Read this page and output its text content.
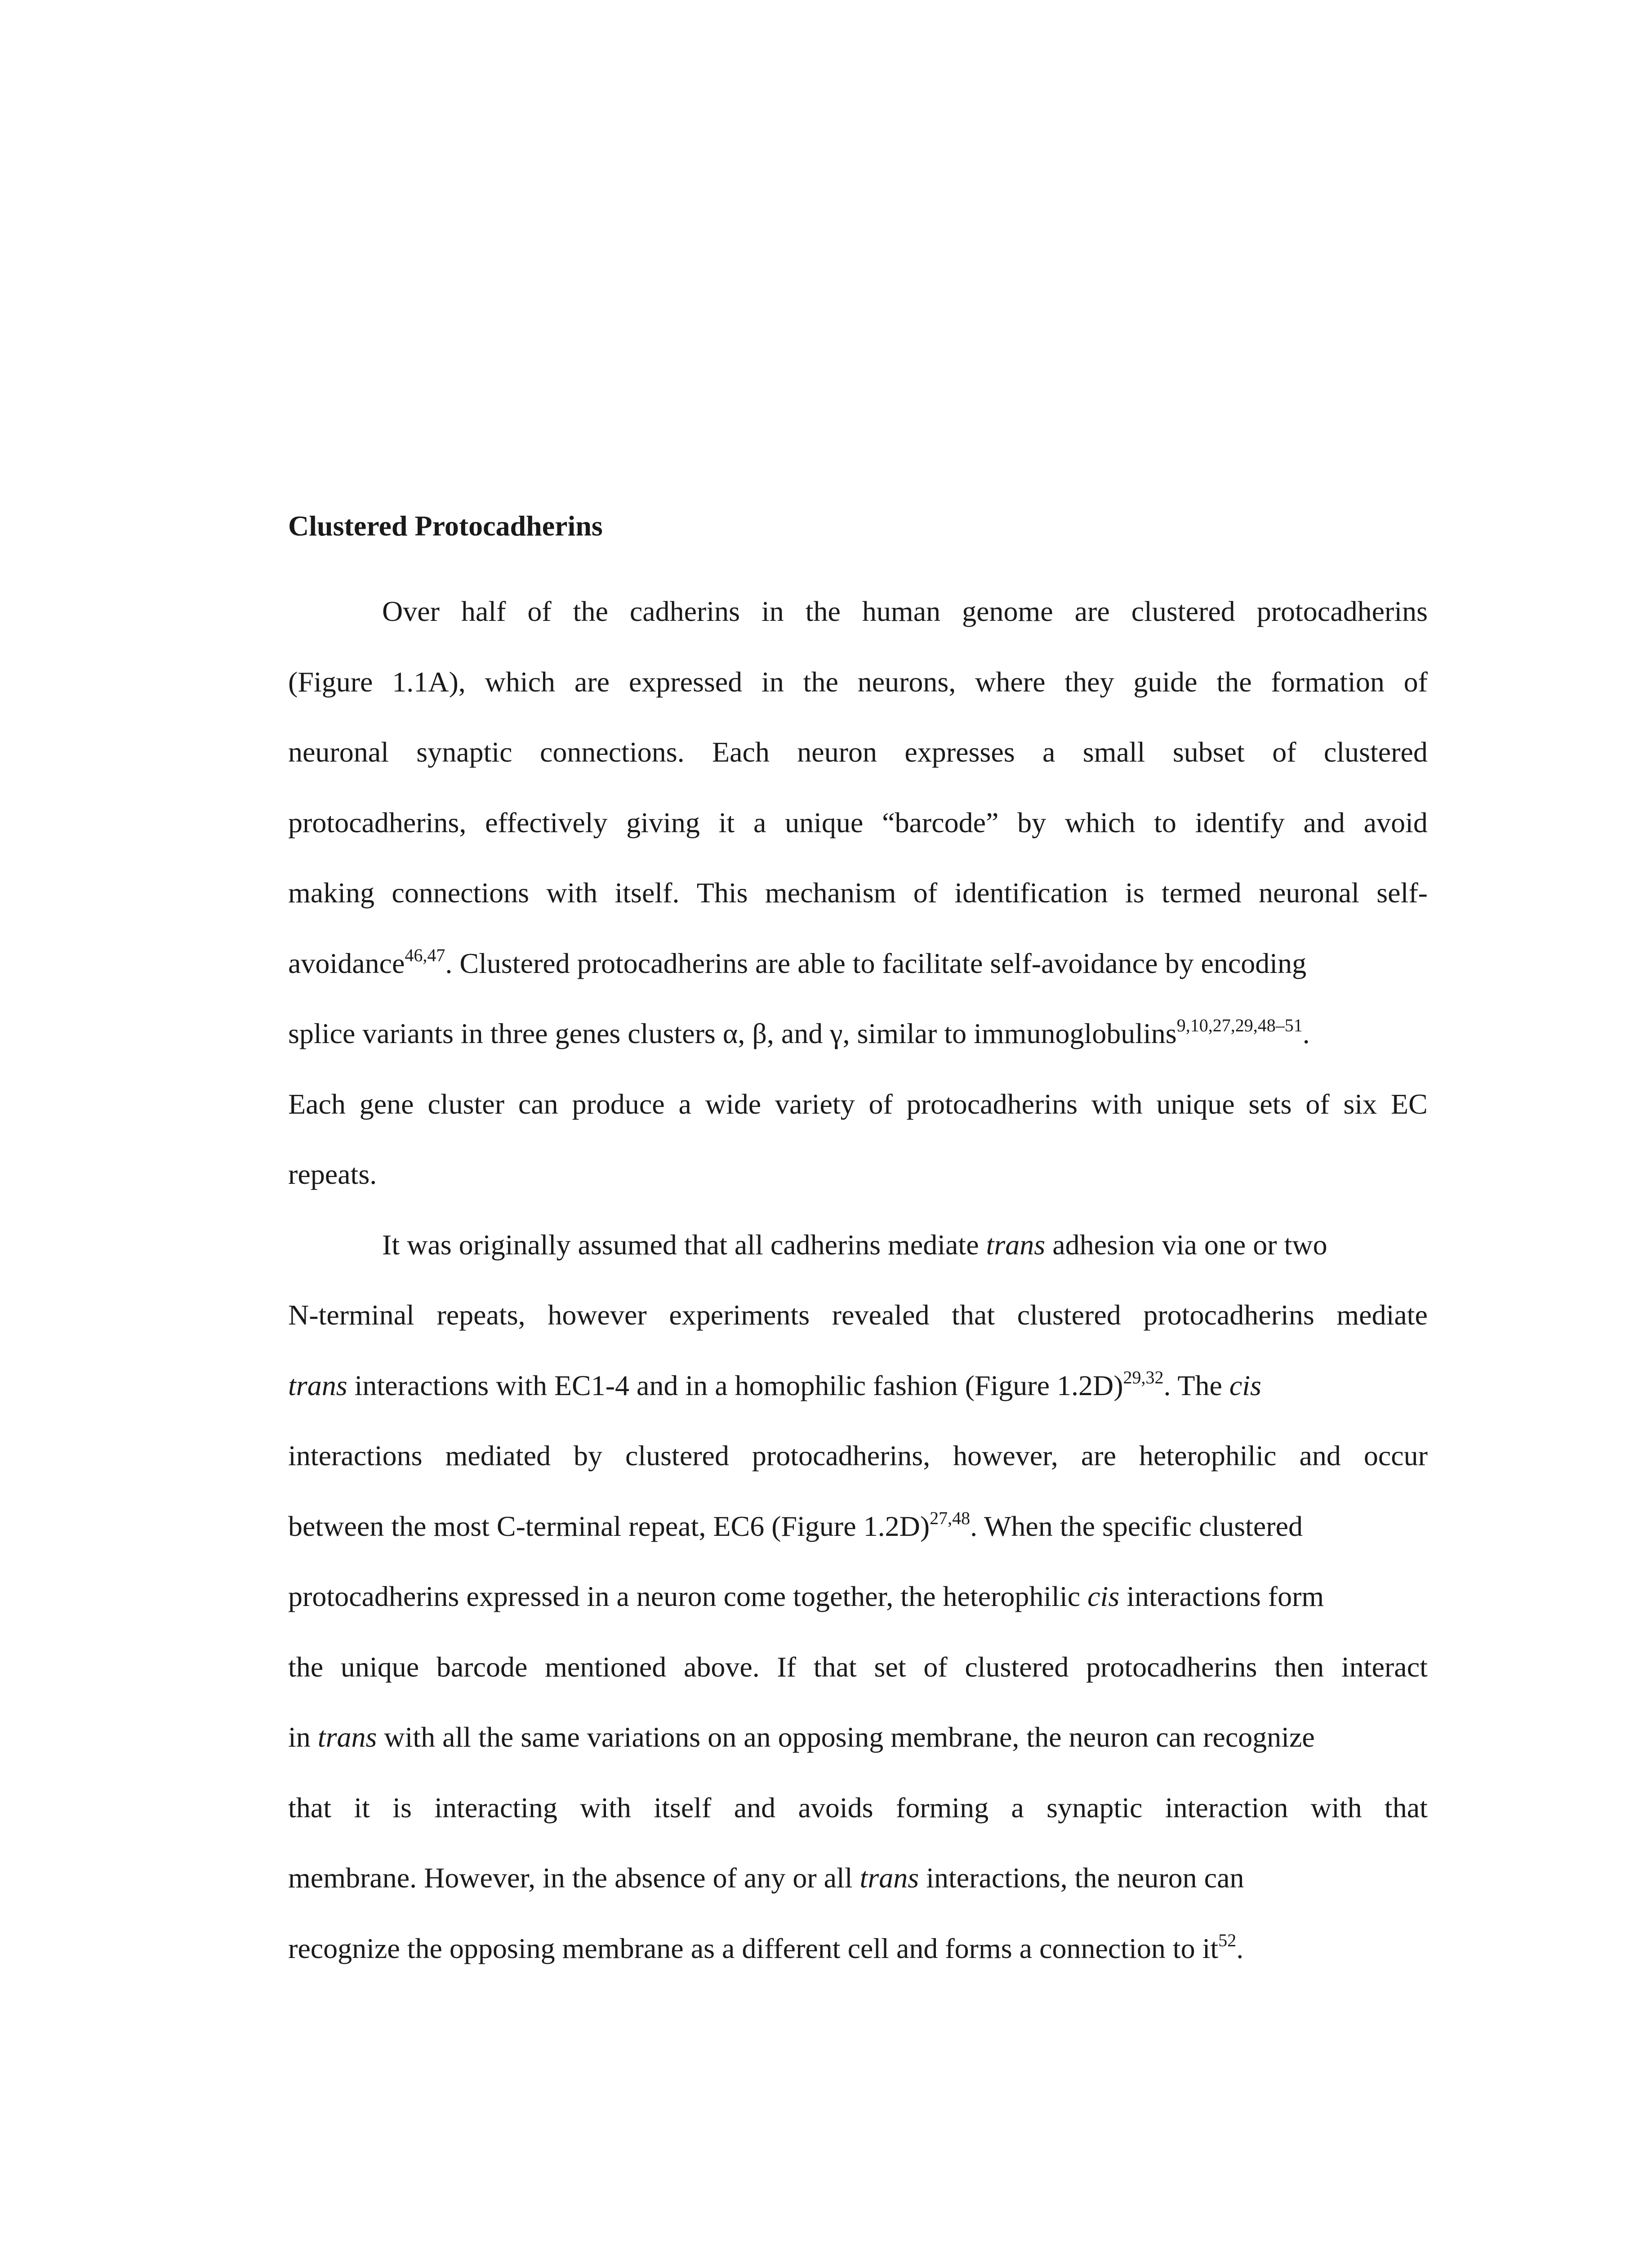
Clustered Protocadherins
Over half of the cadherins in the human genome are clustered protocadherins
(Figure 1.1A), which are expressed in the neurons, where they guide the formation of
neuronal synaptic connections. Each neuron expresses a small subset of clustered
protocadherins, effectively giving it a unique “barcode” by which to identify and avoid
making connections with itself. This mechanism of identification is termed neuronal self-
avoidance$^{46,47}$. Clustered protocadherins are able to facilitate self-avoidance by encoding
splice variants in three genes clusters α, β, and γ, similar to immunoglobulins$^{9,10,27,29,48-51}$.
Each gene cluster can produce a wide variety of protocadherins with unique sets of six EC
repeats.
It was originally assumed that all cadherins mediate trans adhesion via one or two
N-terminal repeats, however experiments revealed that clustered protocadherins mediate
trans interactions with EC1-4 and in a homophilic fashion (Figure 1.2D)$^{29,32}$. The cis
interactions mediated by clustered protocadherins, however, are heterophilic and occur
between the most C-terminal repeat, EC6 (Figure 1.2D)$^{27,48}$. When the specific clustered
protocadherins expressed in a neuron come together, the heterophilic cis interactions form
the unique barcode mentioned above. If that set of clustered protocadherins then interact
in trans with all the same variations on an opposing membrane, the neuron can recognize
that it is interacting with itself and avoids forming a synaptic interaction with that
membrane. However, in the absence of any or all trans interactions, the neuron can
recognize the opposing membrane as a different cell and forms a connection to $it^{52}$.
